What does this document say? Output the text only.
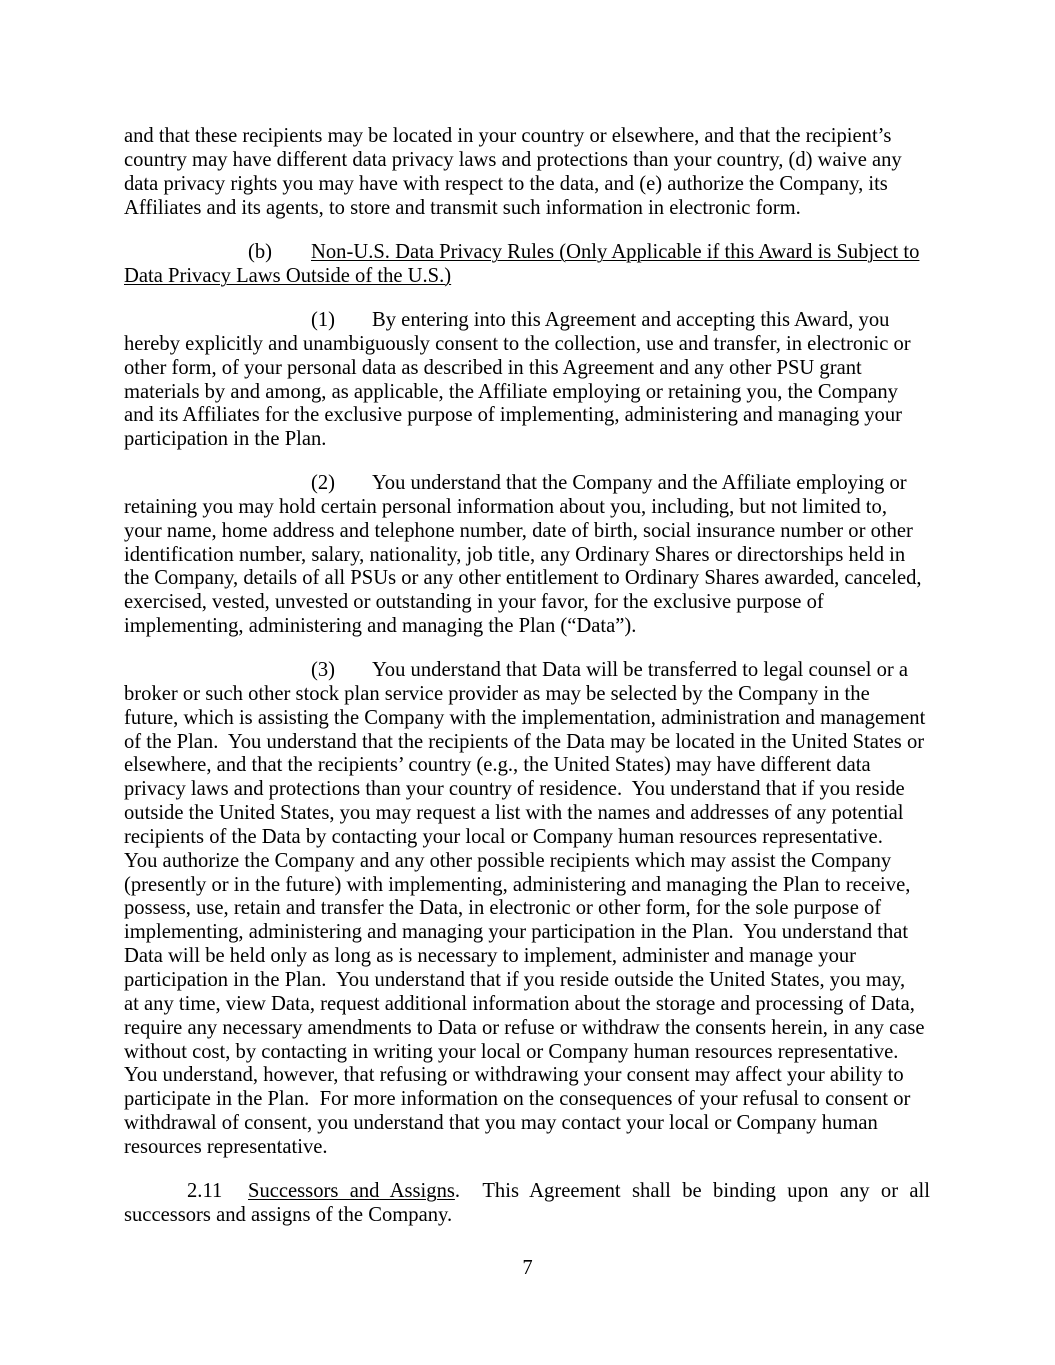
and that these recipients may be located in your country or elsewhere, and that the recipient’s
country may have different data privacy laws and protections than your country, (d) waive any
data privacy rights you may have with respect to the data, and (e) authorize the Company, its
Affiliates and its agents, to store and transmit such information in electronic form.
(b) Non-U.S. Data Privacy Rules (Only Applicable if this Award is Subject to
Data Privacy Laws Outside of the U.S.)
(1) By entering into this Agreement and accepting this Award, you
hereby explicitly and unambiguously consent to the collection, use and transfer, in electronic or
other form, of your personal data as described in this Agreement and any other PSU grant
materials by and among, as applicable, the Affiliate employing or retaining you, the Company
and its Affiliates for the exclusive purpose of implementing, administering and managing your
participation in the Plan.
(2) You understand that the Company and the Affiliate employing or
retaining you may hold certain personal information about you, including, but not limited to,
your name, home address and telephone number, date of birth, social insurance number or other
identification number, salary, nationality, job title, any Ordinary Shares or directorships held in
the Company, details of all PSUs or any other entitlement to Ordinary Shares awarded, canceled,
exercised, vested, unvested or outstanding in your favor, for the exclusive purpose of
implementing, administering and managing the Plan (“Data”).
(3) You understand that Data will be transferred to legal counsel or a
broker or such other stock plan service provider as may be selected by the Company in the
future, which is assisting the Company with the implementation, administration and management
of the Plan.  You understand that the recipients of the Data may be located in the United States or
elsewhere, and that the recipients’ country (e.g., the United States) may have different data
privacy laws and protections than your country of residence.  You understand that if you reside
outside the United States, you may request a list with the names and addresses of any potential
recipients of the Data by contacting your local or Company human resources representative.
You authorize the Company and any other possible recipients which may assist the Company
(presently or in the future) with implementing, administering and managing the Plan to receive,
possess, use, retain and transfer the Data, in electronic or other form, for the sole purpose of
implementing, administering and managing your participation in the Plan.  You understand that
Data will be held only as long as is necessary to implement, administer and manage your
participation in the Plan.  You understand that if you reside outside the United States, you may,
at any time, view Data, request additional information about the storage and processing of Data,
require any necessary amendments to Data or refuse or withdraw the consents herein, in any case
without cost, by contacting in writing your local or Company human resources representative.
You understand, however, that refusing or withdrawing your consent may affect your ability to
participate in the Plan.  For more information on the consequences of your refusal to consent or
withdrawal of consent, you understand that you may contact your local or Company human
resources representative.
2.11 Successors and Assigns.  This Agreement shall be binding upon any or all
successors and assigns of the Company.
7
